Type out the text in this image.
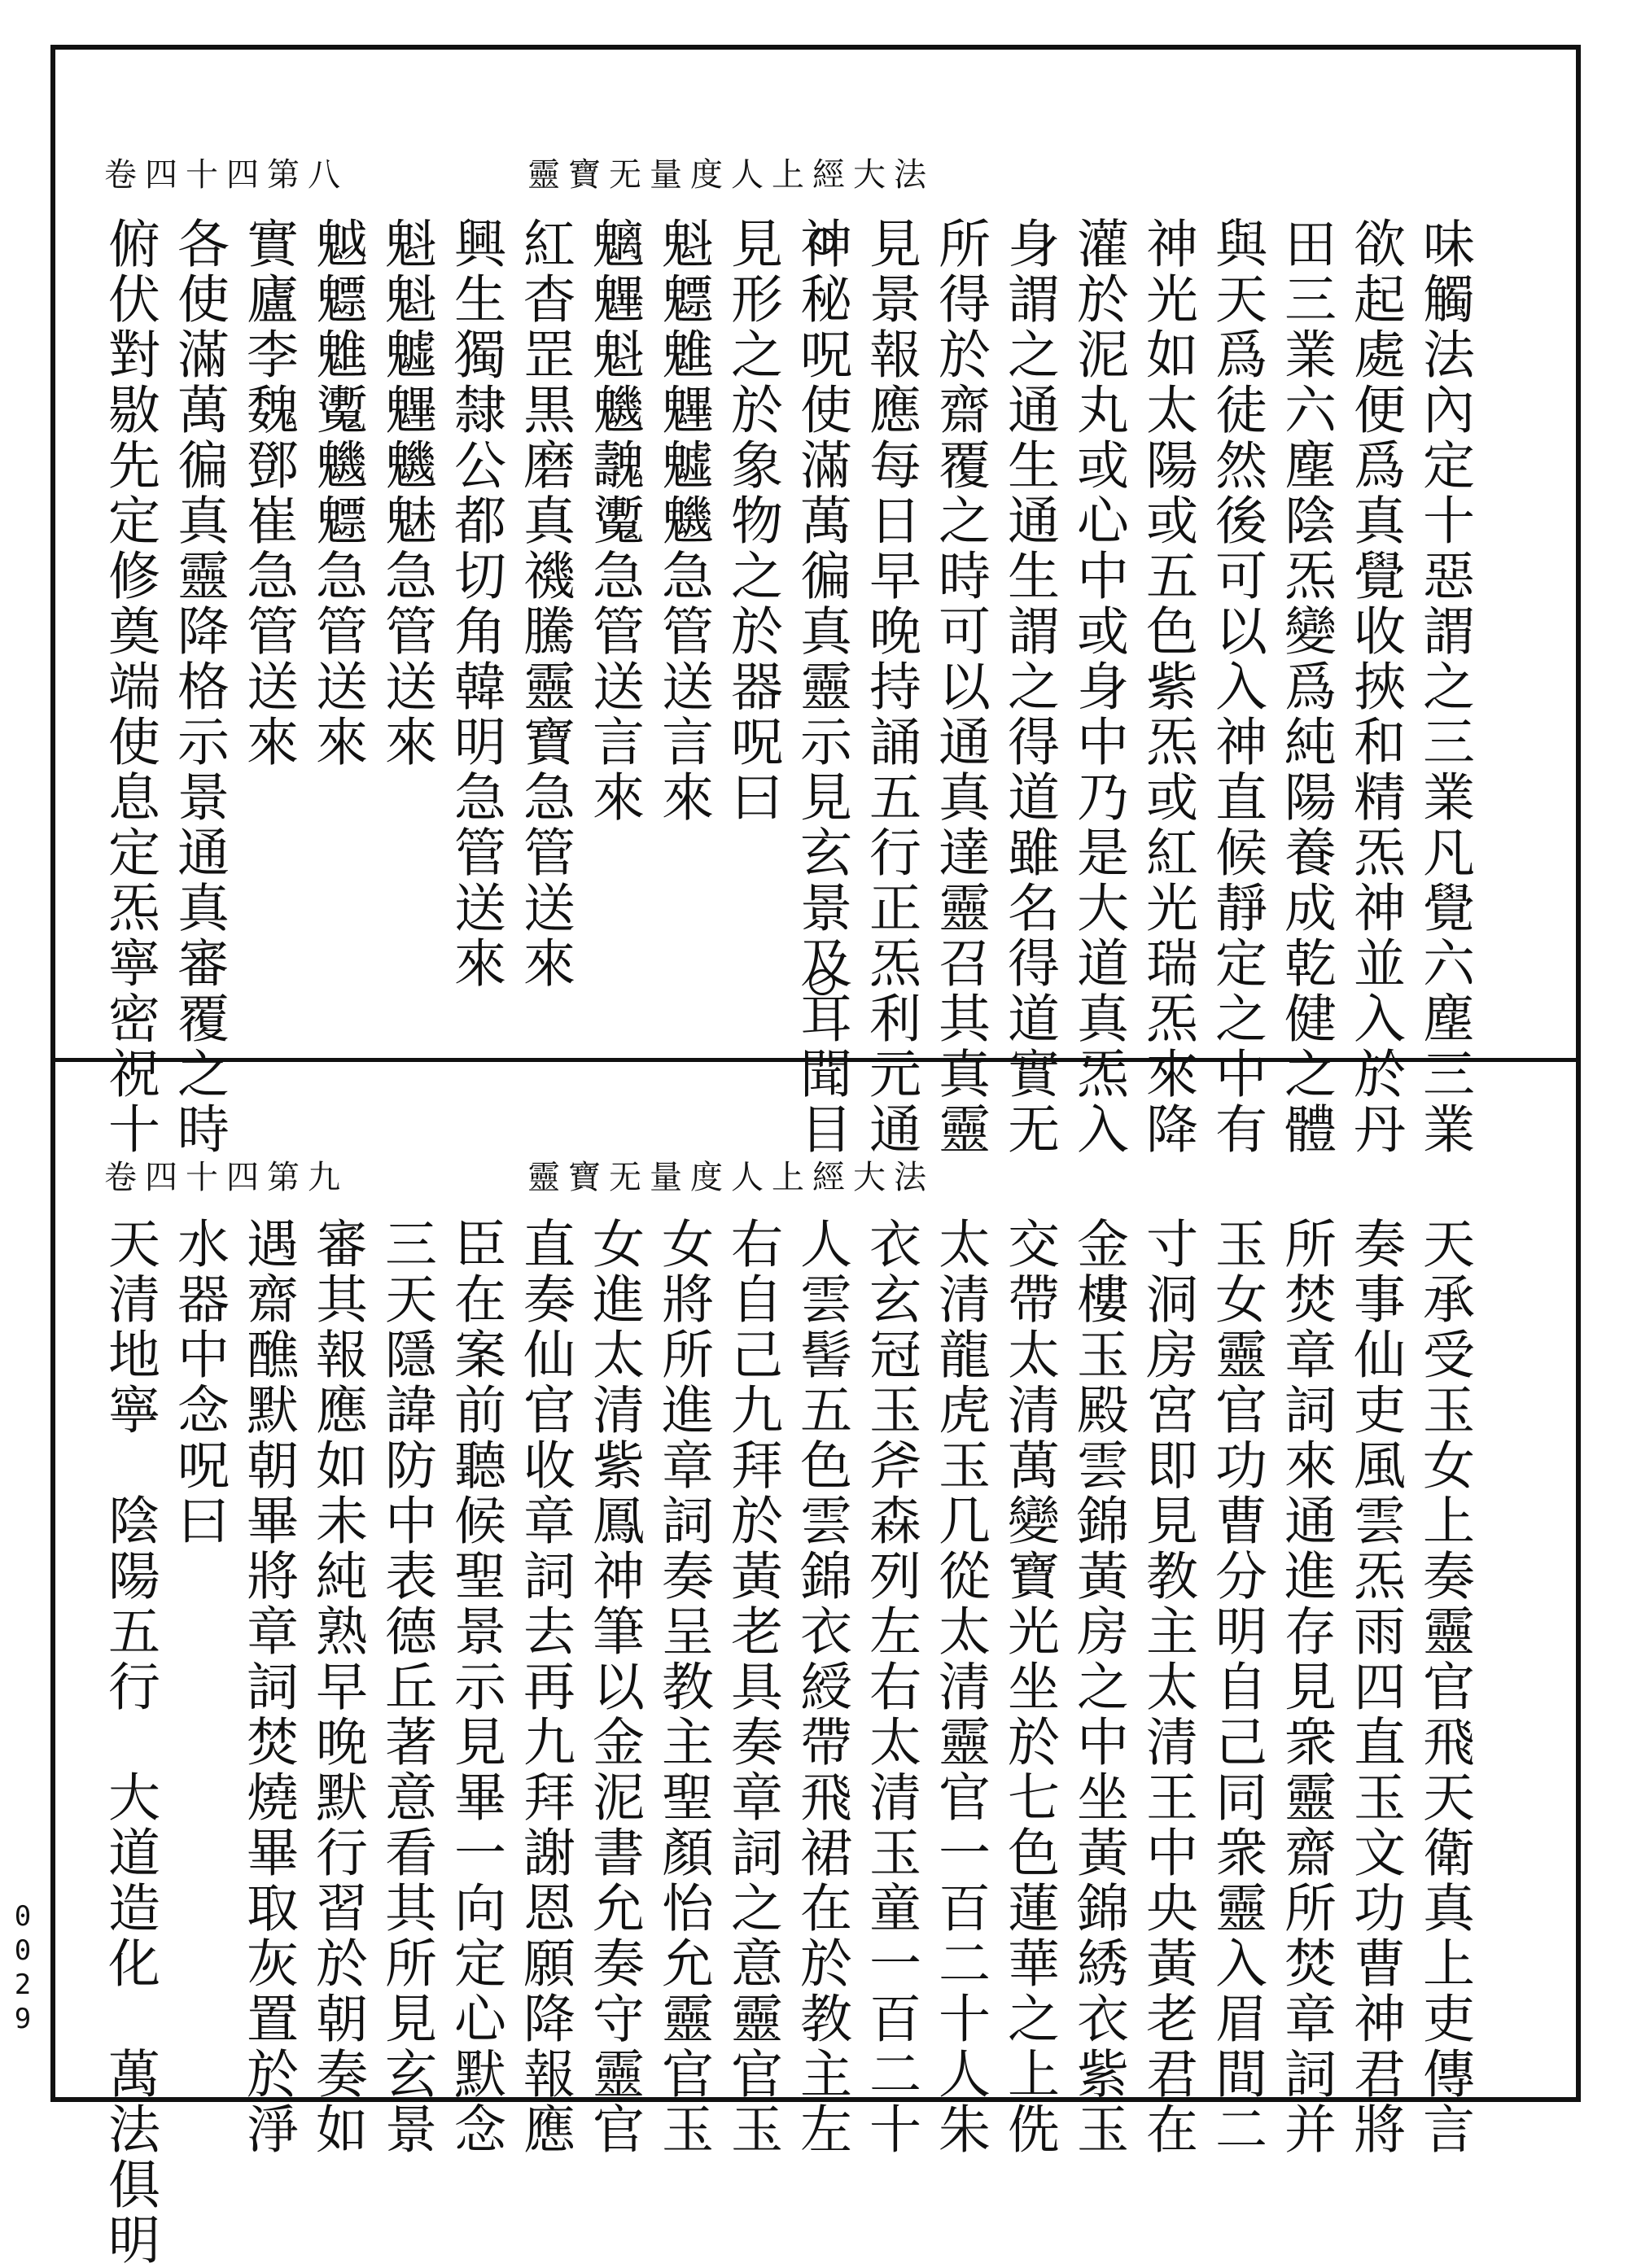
靈寶无量度人上經大法
卷四十四第八
味觸法內定十惡謂之三業凡覺六塵三業
欲起處便爲真覺收挾和精炁神並入於丹
田三業六塵陰炁變爲純陽養成乾健之體
與天爲徒然後可以入神直候靜定之中有
神光如太陽或五色紫炁或紅光瑞炁來降
灌於泥丸或心中或身中乃是大道真炁入
身謂之通生通生謂之得道雖名得道實无
所得於齋覆之時可以通真達靈召其真靈
見景報應每日早晚持誦五行正炁利元通
神秘呪使滿萬徧真靈示見玄景及耳聞目
見形之於象物之於器呪曰
魁魒魋魓魖魕急管送言來
魑魓魁魕魗魙急管送言來
紅杳罡黒磨真禨騰靈寶急管送來
興生獨隸公都切角韓明急管送來
魁魁魖魓魕魅急管送來
魆魒魋魙魕魒急管送來
實廬李魏鄧崔急管送來
各使滿萬徧真靈降格示景通真審覆之時
俯伏對敭先定修奠端使息定炁寧密祝十
靈寶无量度人上經大法
卷四十四第九
天承受玉女上奏靈官飛天衛真上吏傳言
奏事仙吏風雲炁雨四直玉文功曹神君將
所焚章詞來通進存見衆靈齋所焚章詞并
玉女靈官功曹分明自己同衆靈入眉間二
寸洞房宮即見教主太清王中央黃老君在
金樓玉殿雲錦黃房之中坐黃錦綉衣紫玉
交帶太清萬變寶光坐於七色蓮華之上侁
太清龍虎玉几從太清靈官一百二十人朱
衣玄冠玉斧森列左右太清玉童一百二十
人雲髻五色雲錦衣綬帶飛裙在於教主左
右自己九拜於黃老具奏章詞之意靈官玉
女將所進章詞奏呈教主聖顏怡允靈官玉
女進太清紫鳳神筆以金泥書允奏守靈官
直奏仙官收章詞去再九拜謝恩願降報應
臣在案前聽候聖景示見畢一向定心默念
三天隱諱防中表德丘著意看其所見玄景
審其報應如未純熟早晚默行習於朝奏如
遇齋醮默朝畢將章詞焚燒畢取灰置於淨
水器中念呪曰
天清地寧　陰陽五行　大道造化　萬法俱明
0029
